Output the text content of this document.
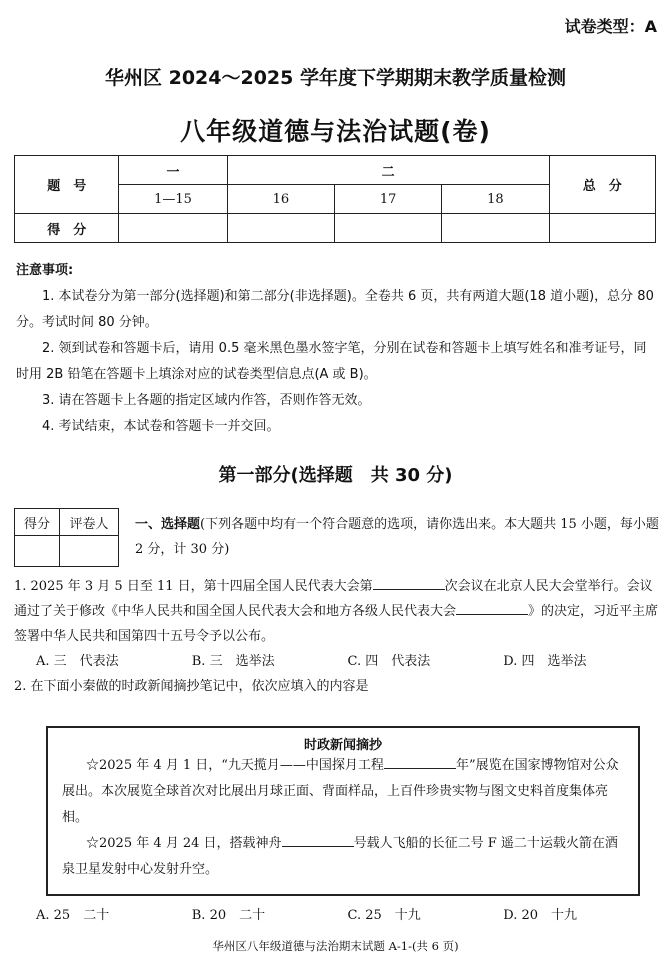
试卷类型：A
华州区 2024～2025 学年度下学期期末教学质量检测
八年级道德与法治试题(卷)
题　号	一	二			总　分
	1—15	16	17	18	
得　分					
注意事项:

1. 本试卷分为第一部分(选择题)和第二部分(非选择题)。全卷共 6 页，共有两道大题(18 道小题)，总分 80 分。考试时间 80 分钟。

2. 领到试卷和答题卡后，请用 0.5 毫米黑色墨水签字笔，分别在试卷和答题卡上填写姓名和准考证号，同时用 2B 铅笔在答题卡上填涂对应的试卷类型信息点(A 或 B)。

3. 请在答题卡上各题的指定区域内作答，否则作答无效。

4. 考试结束，本试卷和答题卡一并交回。

第一部分(选择题　共 30 分)
得分	评卷人
	一、选择题(下列各题中均有一个符合题意的选项，请你选出来。本大题共 15 小题，每小题 2 分，计 30 分)
1. 2025 年 3 月 5 日至 11 日，第十四届全国人民代表大会第	次会议在北京人民大会堂举行。会议通过了关于修改《中华人民共和国全国人民代表大会和地方各级人民代表大会	》的决定，习近平主席签署中华人民共和国第四十五号令予以公布。
A. 三　代表法	B. 三　选举法	C. 四　代表法	D. 四　选举法
2. 在下面小秦做的时政新闻摘抄笔记中，依次应填入的内容是
时政新闻摘抄
☆2025 年 4 月 1 日，“九天揽月——中国探月工程	年”展览在国家博物馆对公众展出。本次展览全球首次对比展出月球正面、背面样品，上百件珍贵实物与图文史料首度集体亮相。
☆2025 年 4 月 24 日，搭载神舟	号载人飞船的长征二号 F 遥二十运载火箭在酒泉卫星发射中心发射升空。
A. 25　二十	B. 20　二十	C. 25　十九	D. 20　十九
华州区八年级道德与法治期末试题 A-1-(共 6 页)
